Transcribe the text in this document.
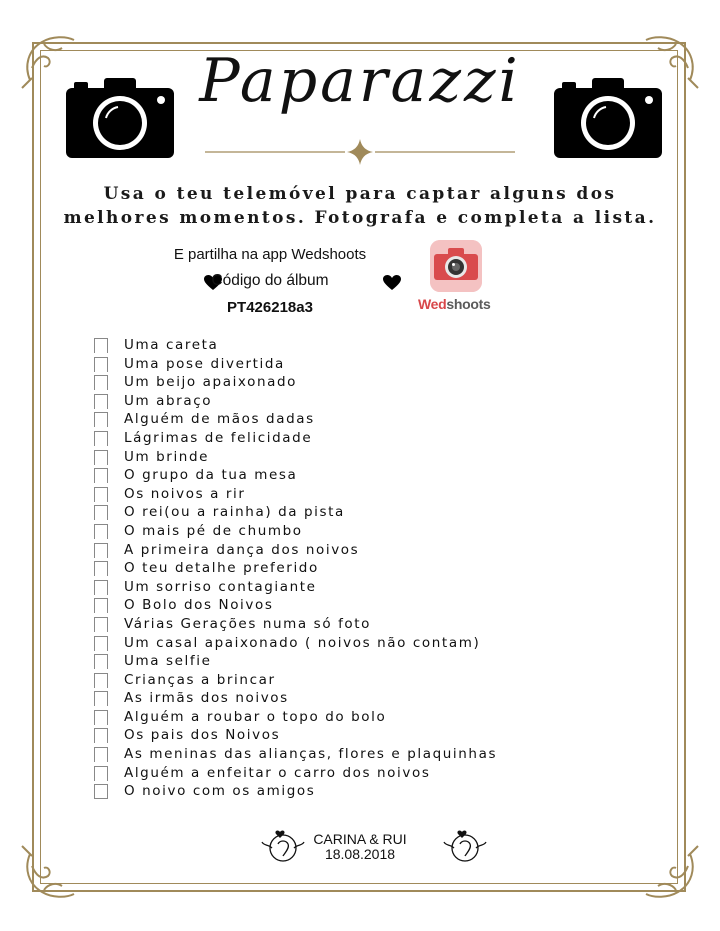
Paparazzi
Usa o teu telemóvel para captar alguns dos
melhores momentos. Fotografa e completa a lista.
E partilha na app Wedshoots
Código do álbum
PT426218a3	Wedshoots
Uma careta
Uma pose divertida
Um beijo apaixonado
Um abraço
Alguém de mãos dadas
Lágrimas de felicidade
Um brinde
O grupo da tua mesa
Os noivos a rir
O rei(ou a rainha) da pista
O mais pé de chumbo
A primeira dança dos noivos
O teu detalhe preferido
Um sorriso contagiante
O Bolo dos Noivos
Várias Gerações numa só foto
Um casal apaixonado ( noivos não contam)
Uma selfie
Crianças a brincar
As irmãs dos noivos
Alguém a roubar o topo do bolo
Os pais dos Noivos
As meninas das alianças, flores e plaquinhas
Alguém a enfeitar o carro dos noivos
O noivo com os amigos
CARINA & RUI
18.08.2018
